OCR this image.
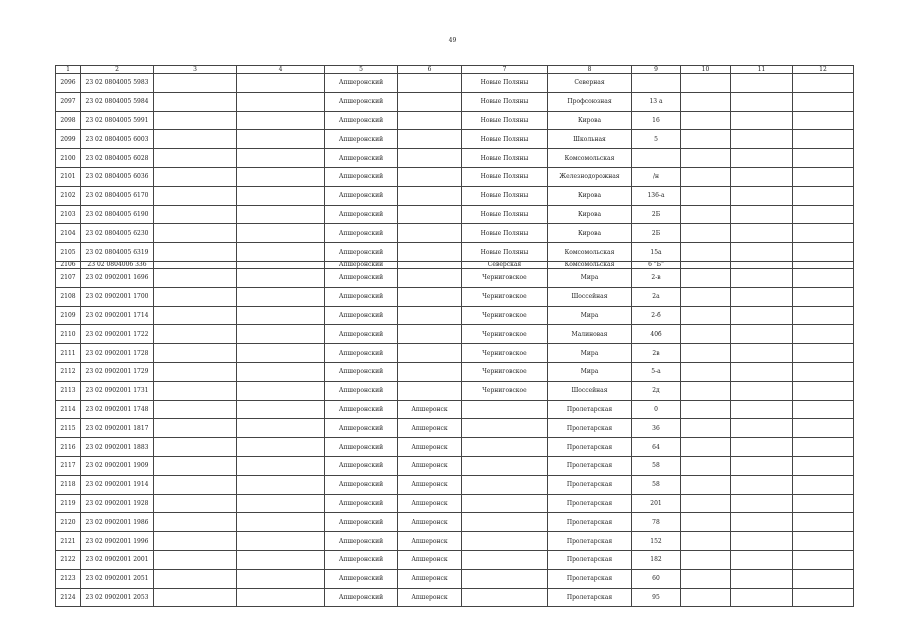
49
1	2	3	4	5	6	7	8	9	10	11	12
2096	23 02 0804005 5983			Апшеронский		Новые Поляны	Северная				
2097	23 02 0804005 5984			Апшеронский		Новые Поляны	Профсоюзная	13 а			
2098	23 02 0804005 5991			Апшеронский		Новые Поляны	Кирова	16			
2099	23 02 0804005 6003			Апшеронский		Новые Поляны	Школьная	5			
2100	23 02 0804005 6028			Апшеронский		Новые Поляны	Комсомольская				
2101	23 02 0804005 6036			Апшеронский		Новые Поляны	Железнодорожная	/н			
2102	23 02 0804005 6170			Апшеронский		Новые Поляны	Кирова	136-а			
2103	23 02 0804005 6190			Апшеронский		Новые Поляны	Кирова	2Б			
2104	23 02 0804005 6230			Апшеронский		Новые Поляны	Кирова	2Б			
2105	23 02 0804005 6319			Апшеронский		Новые Поляны	Комсомольская	15а			
2106	23 02 0804006 336			Апшеронский		Северская	Комсомольская	6 "Б"			
2107	23 02 0902001 1696			Апшеронский		Черниговское	Мира	2-в			
2108	23 02 0902001 1700			Апшеронский		Черниговское	Шоссейная	2а			
2109	23 02 0902001 1714			Апшеронский		Черниговское	Мира	2-б			
2110	23 02 0902001 1722			Апшеронский		Черниговское	Малиновая	40б			
2111	23 02 0902001 1728			Апшеронский		Черниговское	Мира	2в			
2112	23 02 0902001 1729			Апшеронский		Черниговское	Мира	5-а			
2113	23 02 0902001 1731			Апшеронский		Черниговское	Шоссейная	2д			
2114	23 02 0902001 1748			Апшеронский	Апшеронск		Пролетарская	0			
2115	23 02 0902001 1817			Апшеронский	Апшеронск		Пролетарская	36			
2116	23 02 0902001 1883			Апшеронский	Апшеронск		Пролетарская	64			
2117	23 02 0902001 1909			Апшеронский	Апшеронск		Пролетарская	58			
2118	23 02 0902001 1914			Апшеронский	Апшеронск		Пролетарская	58			
2119	23 02 0902001 1928			Апшеронский	Апшеронск		Пролетарская	201			
2120	23 02 0902001 1986			Апшеронский	Апшеронск		Пролетарская	78			
2121	23 02 0902001 1996			Апшеронский	Апшеронск		Пролетарская	152			
2122	23 02 0902001 2001			Апшеронский	Апшеронск		Пролетарская	182			
2123	23 02 0902001 2051			Апшеронский	Апшеронск		Пролетарская	60			
2124	23 02 0902001 2053			Апшеронский	Апшеронск		Пролетарская	95			
